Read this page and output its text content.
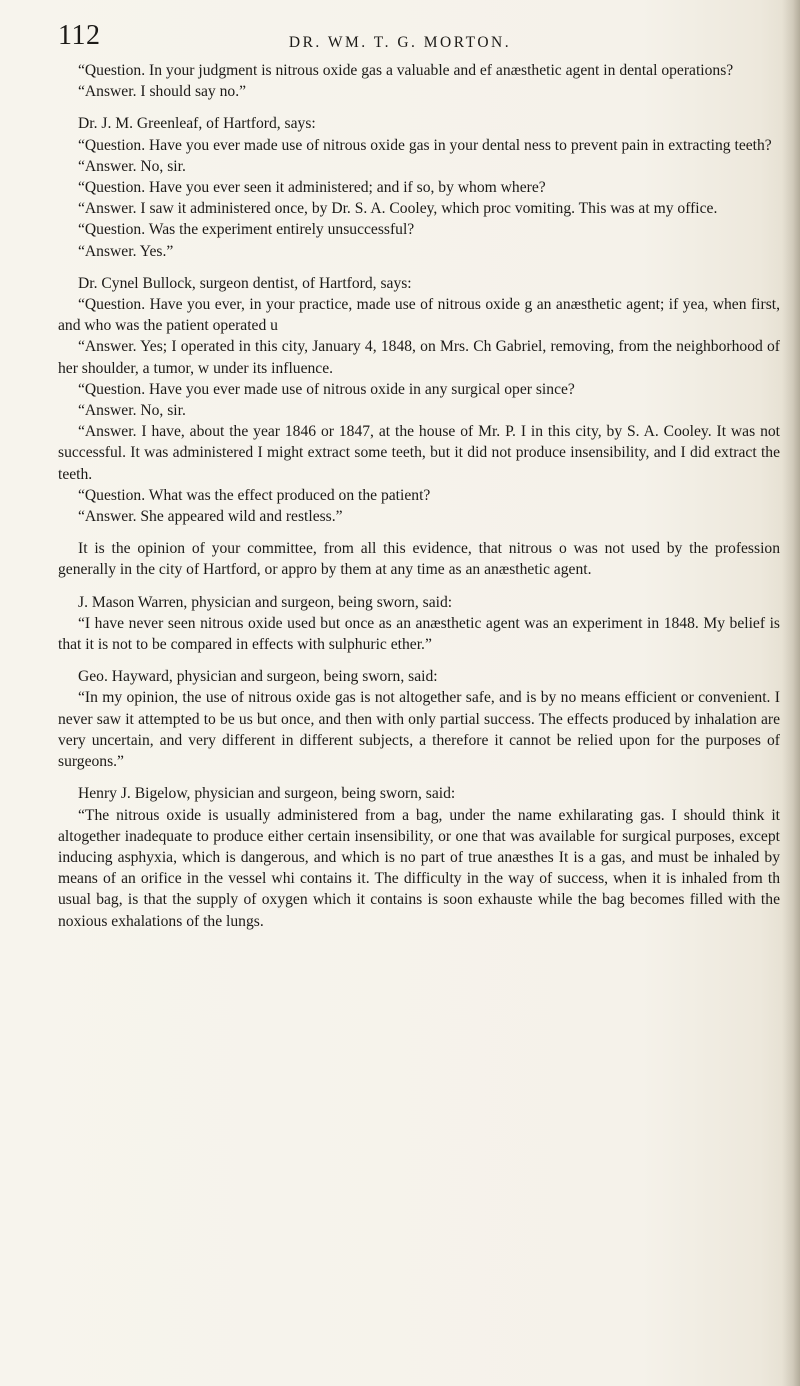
112	DR. WM. T. G. MORTON.

“Question. In your judgment is nitrous oxide gas a valuable and ef anæsthetic agent in dental operations?

“Answer. I should say no.”

Dr. J. M. Greenleaf, of Hartford, says:

“Question. Have you ever made use of nitrous oxide gas in your dental ness to prevent pain in extracting teeth?

“Answer. No, sir.

“Question. Have you ever seen it administered; and if so, by whom where?

“Answer. I saw it administered once, by Dr. S. A. Cooley, which proc vomiting. This was at my office.

“Question. Was the experiment entirely unsuccessful?

“Answer. Yes.”

Dr. Cynel Bullock, surgeon dentist, of Hartford, says:

“Question. Have you ever, in your practice, made use of nitrous oxide g an anæsthetic agent; if yea, when first, and who was the patient operated u

“Answer. Yes; I operated in this city, January 4, 1848, on Mrs. Ch Gabriel, removing, from the neighborhood of her shoulder, a tumor, w under its influence.

“Question. Have you ever made use of nitrous oxide in any surgical oper since?

“Answer. No, sir.

“Answer. I have, about the year 1846 or 1847, at the house of Mr. P. I in this city, by S. A. Cooley. It was not successful. It was administered I might extract some teeth, but it did not produce insensibility, and I did extract the teeth.

“Question. What was the effect produced on the patient?

“Answer. She appeared wild and restless.”

It is the opinion of your committee, from all this evidence, that nitrous o was not used by the profession generally in the city of Hartford, or appro by them at any time as an anæsthetic agent.

J. Mason Warren, physician and surgeon, being sworn, said:

“I have never seen nitrous oxide used but once as an anæsthetic agent was an experiment in 1848. My belief is that it is not to be compared in effects with sulphuric ether.”

Geo. Hayward, physician and surgeon, being sworn, said:

“In my opinion, the use of nitrous oxide gas is not altogether safe, and is by no means efficient or convenient. I never saw it attempted to be us but once, and then with only partial success. The effects produced by inhalation are very uncertain, and very different in different subjects, a therefore it cannot be relied upon for the purposes of surgeons.”

Henry J. Bigelow, physician and surgeon, being sworn, said:

“The nitrous oxide is usually administered from a bag, under the name exhilarating gas. I should think it altogether inadequate to produce either certain insensibility, or one that was available for surgical purposes, except inducing asphyxia, which is dangerous, and which is no part of true anæsthes It is a gas, and must be inhaled by means of an orifice in the vessel whi contains it. The difficulty in the way of success, when it is inhaled from th usual bag, is that the supply of oxygen which it contains is soon exhauste while the bag becomes filled with the noxious exhalations of the lungs.
